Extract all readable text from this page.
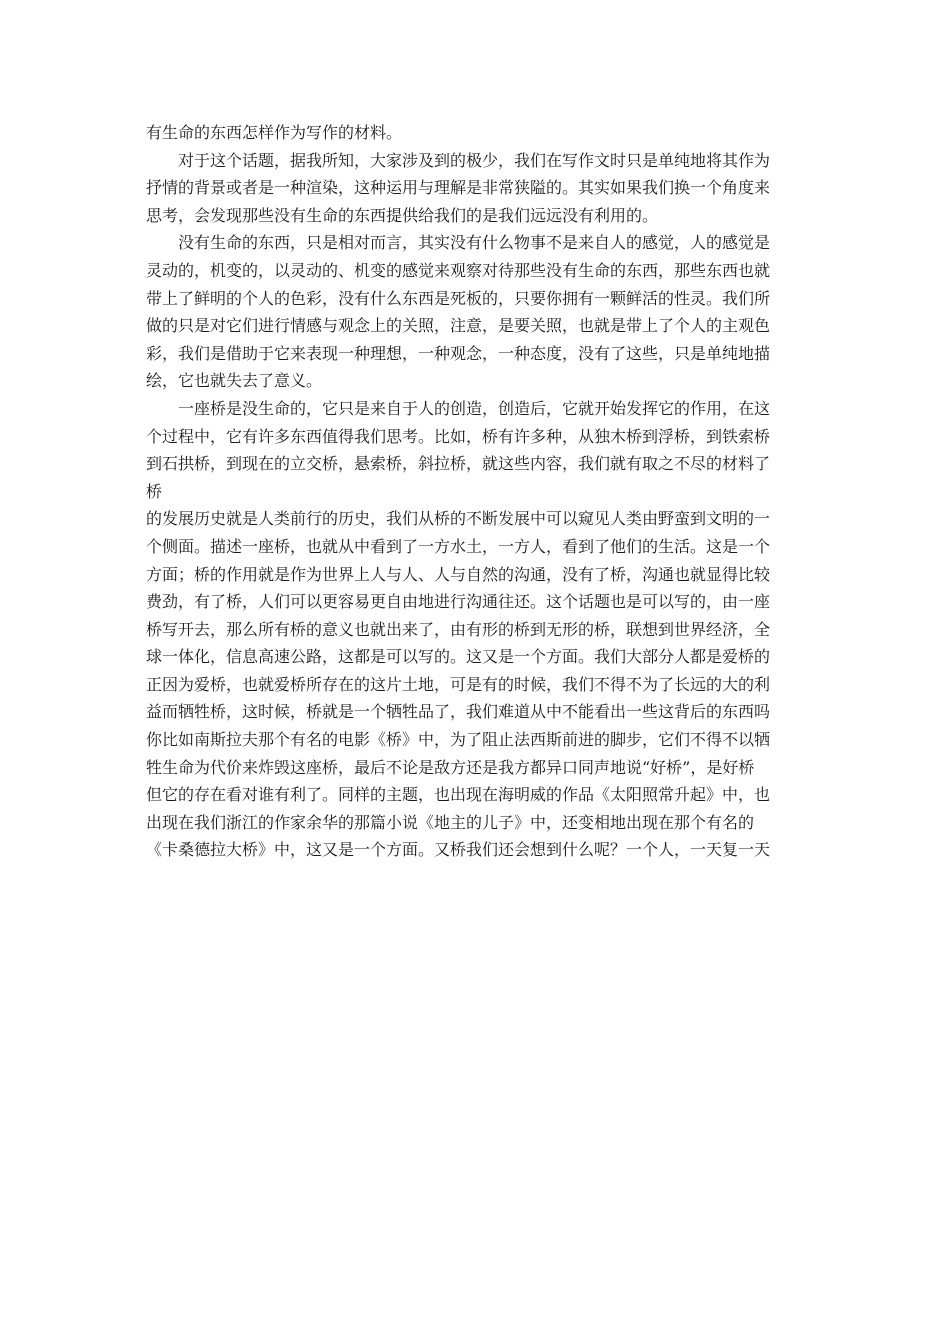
有生命的东西怎样作为写作的材料。
对于这个话题，据我所知，大家涉及到的极少，我们在写作文时只是单纯地将其作为
抒情的背景或者是一种渲染，这种运用与理解是非常狭隘的。其实如果我们换一个角度来
思考，会发现那些没有生命的东西提供给我们的是我们远远没有利用的。
没有生命的东西，只是相对而言，其实没有什么物事不是来自人的感觉，人的感觉是
灵动的，机变的，以灵动的、机变的感觉来观察对待那些没有生命的东西，那些东西也就
带上了鲜明的个人的色彩，没有什么东西是死板的，只要你拥有一颗鲜活的性灵。我们所
做的只是对它们进行情感与观念上的关照，注意，是要关照，也就是带上了个人的主观色
彩，我们是借助于它来表现一种理想，一种观念，一种态度，没有了这些，只是单纯地描
绘，它也就失去了意义。
一座桥是没生命的，它只是来自于人的创造，创造后，它就开始发挥它的作用，在这
个过程中，它有许多东西值得我们思考。比如，桥有许多种，从独木桥到浮桥，到铁索桥
到石拱桥，到现在的立交桥，悬索桥，斜拉桥，就这些内容，我们就有取之不尽的材料了
桥
的发展历史就是人类前行的历史，我们从桥的不断发展中可以窥见人类由野蛮到文明的一
个侧面。描述一座桥，也就从中看到了一方水土，一方人，看到了他们的生活。这是一个
方面；桥的作用就是作为世界上人与人、人与自然的沟通，没有了桥，沟通也就显得比较
费劲，有了桥，人们可以更容易更自由地进行沟通往还。这个话题也是可以写的，由一座
桥写开去，那么所有桥的意义也就出来了，由有形的桥到无形的桥，联想到世界经济，全
球一体化，信息高速公路，这都是可以写的。这又是一个方面。我们大部分人都是爱桥的
正因为爱桥，也就爱桥所存在的这片土地，可是有的时候，我们不得不为了长远的大的利
益而牺牲桥，这时候，桥就是一个牺牲品了，我们难道从中不能看出一些这背后的东西吗
你比如南斯拉夫那个有名的电影《桥》中，为了阻止法西斯前进的脚步，它们不得不以牺
牲生命为代价来炸毁这座桥，最后不论是敌方还是我方都异口同声地说“好桥”，是好桥
但它的存在看对谁有利了。同样的主题，也出现在海明威的作品《太阳照常升起》中，也
出现在我们浙江的作家余华的那篇小说《地主的儿子》中，还变相地出现在那个有名的
《卡桑德拉大桥》中，这又是一个方面。又桥我们还会想到什么呢？一个人，一天复一天
